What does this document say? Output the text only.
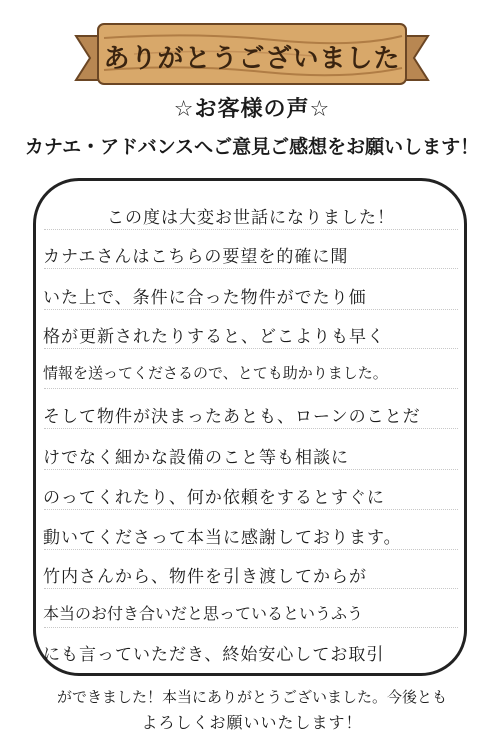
ありがとうございました
☆お客様の声☆
カナエ・アドバンスへご意見ご感想をお願いします！
この度は大変お世話になりました！
カナエさんはこちらの要望を的確に聞
いた上で、条件に合った物件がでたり価
格が更新されたりすると、どこよりも早く
情報を送ってくださるので、とても助かりました。
そして物件が決まったあとも、ローンのことだ
けでなく細かな設備のこと等も相談に
のってくれたり、何か依頼をするとすぐに
動いてくださって本当に感謝しております。
竹内さんから、物件を引き渡してからが
本当のお付き合いだと思っているというふう
にも言っていただき、終始安心してお取引
ができました！本当にありがとうございました。今後とも
よろしくお願いいたします！
